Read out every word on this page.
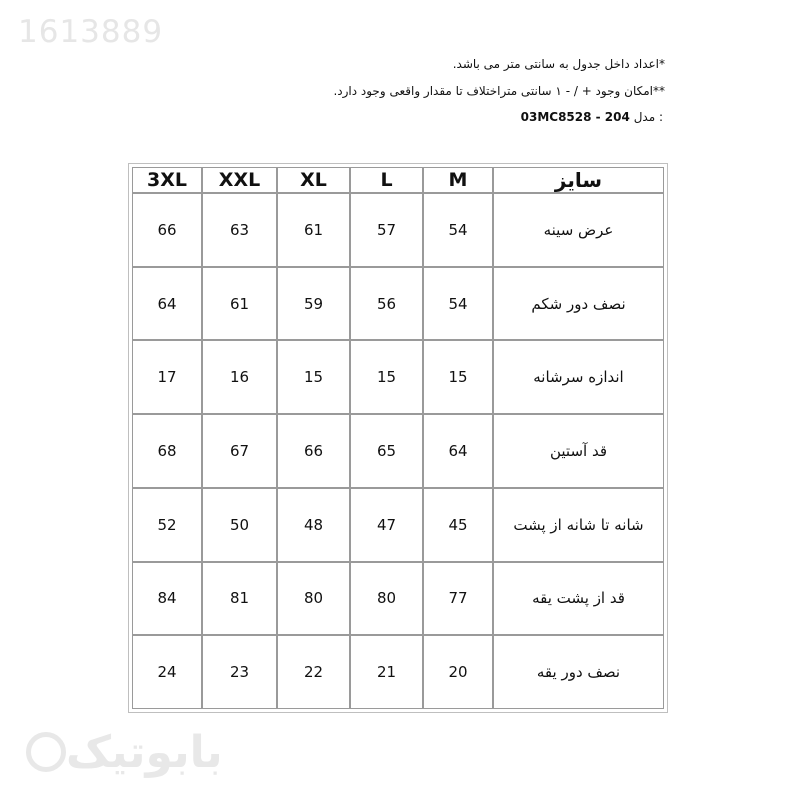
1613889
*اعداد داخل جدول به سانتی متر می باشد.
**امکان وجود + / - ۱ سانتی متراختلاف تا مقدار واقعی وجود دارد.
03MC8528 - 204 مدل :
3XL	XXL	XL	L	M	سایز
66	63	61	57	54	عرض سینه
64	61	59	56	54	نصف دور شکم
17	16	15	15	15	اندازه سرشانه
68	67	66	65	64	قد آستین
52	50	48	47	45	شانه تا شانه از پشت
84	81	80	80	77	قد از پشت یقه
24	23	22	21	20	نصف دور یقه
بابوتیک
